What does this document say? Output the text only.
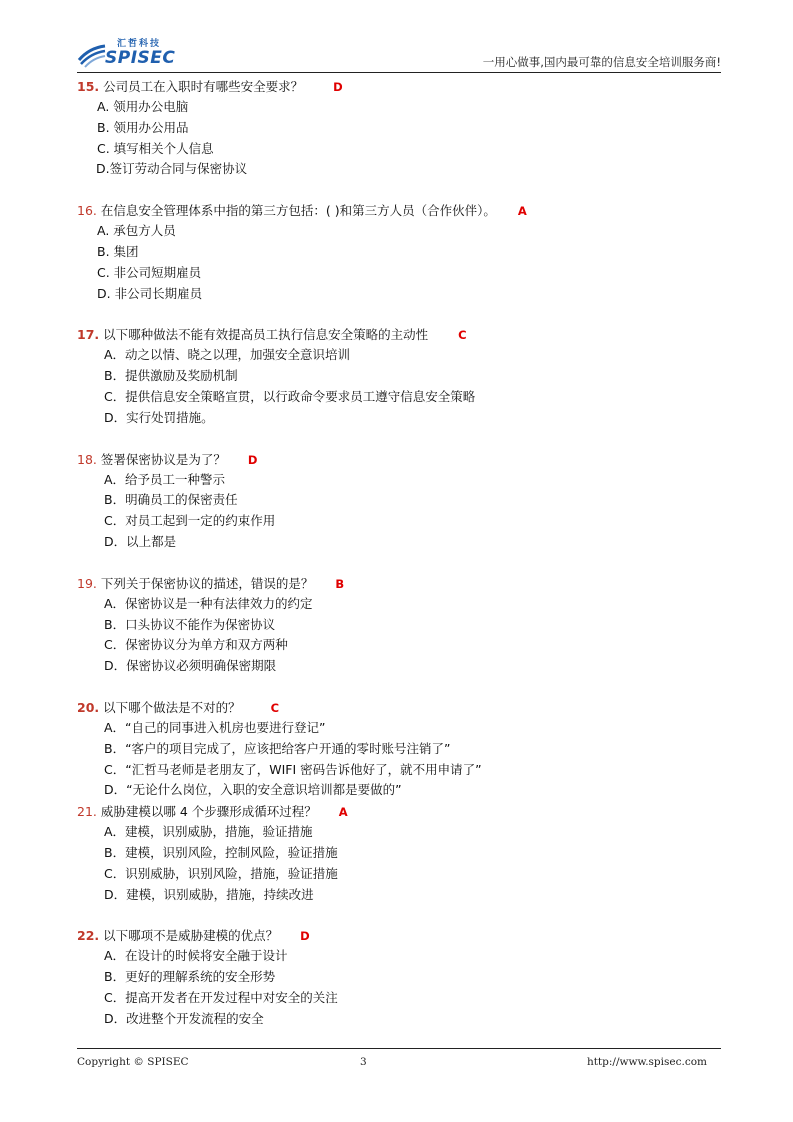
汇哲科技
SPISEC	一用心做事,国内最可靠的信息安全培训服务商!
15. 公司员工在入职时有哪些安全要求？	D
A. 领用办公电脑
B. 领用办公用品
C. 填写相关个人信息
D.签订劳动合同与保密协议
16. 在信息安全管理体系中指的第三方包括：( )和第三方人员（合作伙伴）。 A
A. 承包方人员
B. 集团
C. 非公司短期雇员
D. 非公司长期雇员
17. 以下哪种做法不能有效提高员工执行信息安全策略的主动性	C
A．动之以情、晓之以理，加强安全意识培训
B．提供激励及奖励机制
C．提供信息安全策略宣贯，以行政命令要求员工遵守信息安全策略
D．实行处罚措施。
18. 签署保密协议是为了？ D
A．给予员工一种警示
B．明确员工的保密责任
C．对员工起到一定的约束作用
D．以上都是
19. 下列关于保密协议的描述，错误的是？ B
A．保密协议是一种有法律效力的约定
B．口头协议不能作为保密协议
C．保密协议分为单方和双方两种
D．保密协议必须明确保密期限
20. 以下哪个做法是不对的？	C
A．“自己的同事进入机房也要进行登记”
B．“客户的项目完成了，应该把给客户开通的零时账号注销了”
C．“汇哲马老师是老朋友了，WIFI 密码告诉他好了，就不用申请了”
D．“无论什么岗位，入职的安全意识培训都是要做的”
21. 威胁建模以哪 4 个步骤形成循环过程？ A
A．建模，识别威胁，措施，验证措施
B．建模，识别风险，控制风险，验证措施
C．识别威胁，识别风险，措施，验证措施
D．建模，识别威胁，措施，持续改进
22. 以下哪项不是威胁建模的优点？ D
A．在设计的时候将安全融于设计
B．更好的理解系统的安全形势
C．提高开发者在开发过程中对安全的关注
D．改进整个开发流程的安全
Copyright © SPISEC	3	http://www.spisec.com
